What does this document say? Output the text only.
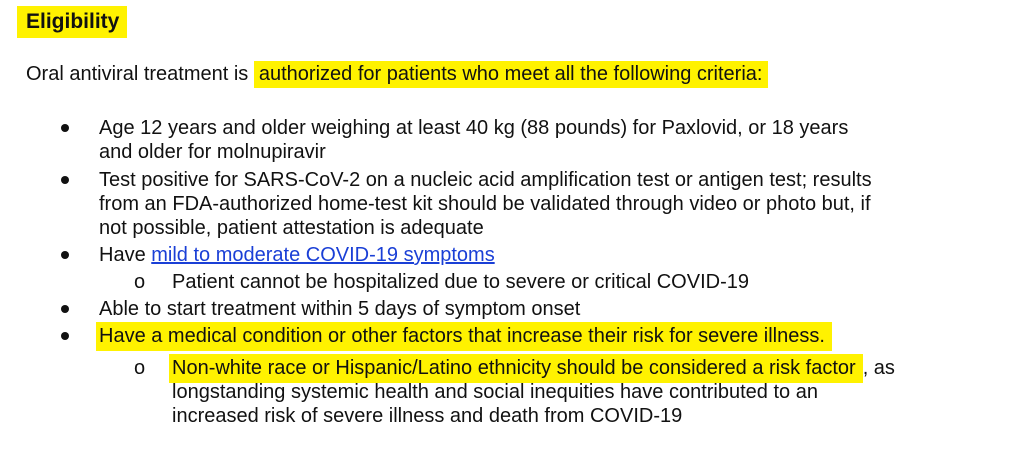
Eligibility
Oral antiviral treatment is authorized for patients who meet all the following criteria:
Age 12 years and older weighing at least 40 kg (88 pounds) for Paxlovid, or 18 years
and older for molnupiravir
Test positive for SARS-CoV-2 on a nucleic acid amplification test or antigen test; results
from an FDA-authorized home-test kit should be validated through video or photo but, if
not possible, patient attestation is adequate
Have mild to moderate COVID-19 symptoms
o Patient cannot be hospitalized due to severe or critical COVID-19
Able to start treatment within 5 days of symptom onset
Have a medical condition or other factors that increase their risk for severe illness.
o Non-white race or Hispanic/Latino ethnicity should be considered a risk factor , as
longstanding systemic health and social inequities have contributed to an
increased risk of severe illness and death from COVID-19
